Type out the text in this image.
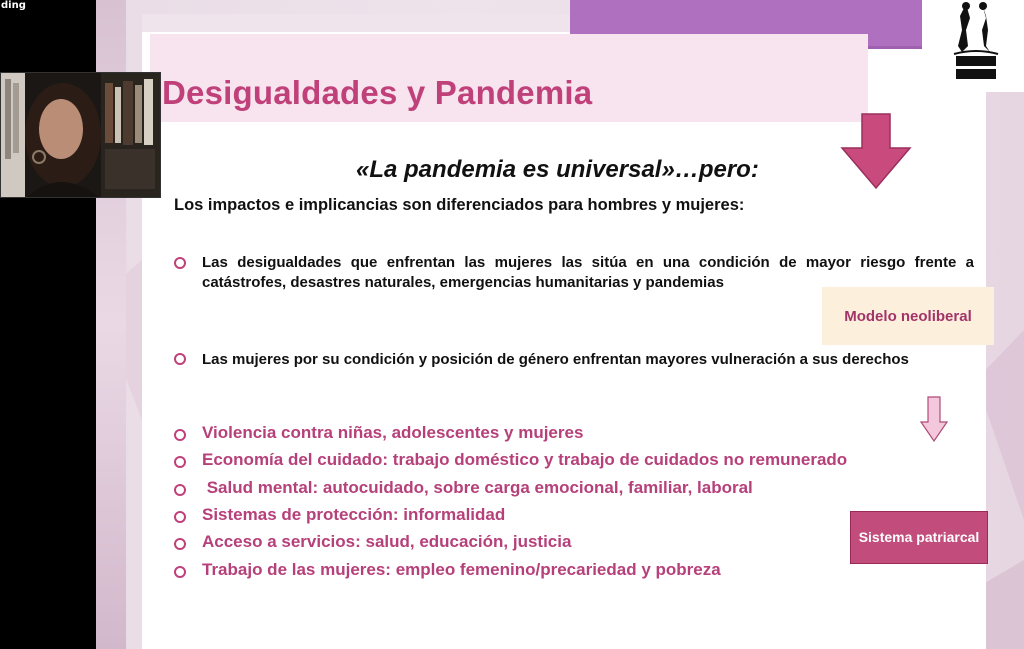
ding
Desigualdades y Pandemia
«La pandemia es universal»…pero:
Los impactos e implicancias son diferenciados para hombres y mujeres:
Las desigualdades que enfrentan las mujeres las sitúa en una condición de mayor riesgo frente a catástrofes, desastres naturales, emergencias humanitarias y pandemias
Las mujeres por su condición y posición de género enfrentan mayores vulneración a sus derechos
Modelo neoliberal
Violencia contra niñas, adolescentes y mujeres
Economía del cuidado: trabajo doméstico y trabajo de cuidados no remunerado
Salud mental: autocuidado, sobre carga emocional, familiar, laboral
Sistemas de protección: informalidad
Acceso a servicios: salud, educación, justicia
Trabajo de las mujeres: empleo femenino/precariedad y pobreza
Sistema patriarcal
